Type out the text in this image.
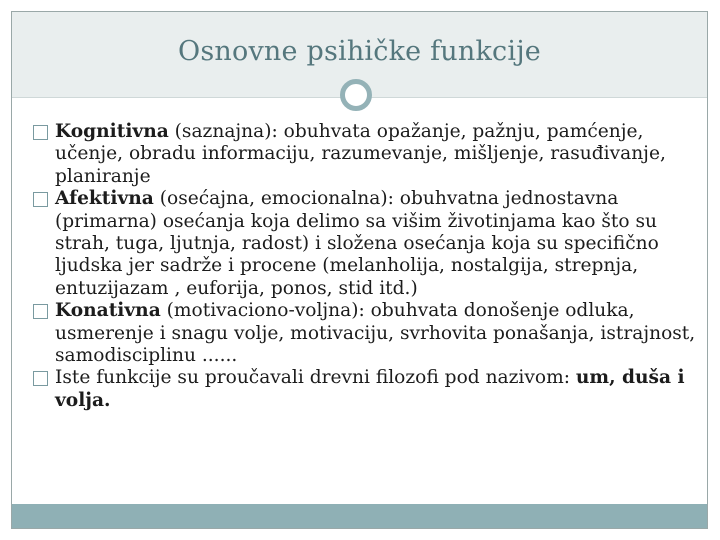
Osnovne psihičke funkcije
Kognitivna (saznajna): obuhvata opažanje, pažnju, pamćenje, učenje, obradu informaciju, razumevanje, mišljenje, rasuđivanje, planiranje
Afektivna (osećajna, emocionalna): obuhvatna jednostavna (primarna) osećanja koja delimo sa višim životinjama kao što su strah, tuga, ljutnja, radost) i složena osećanja koja su specifično ljudska jer sadrže i procene (melanholija, nostalgija, strepnja, entuzijazam , euforija, ponos, stid itd.)
Konativna (motivaciono-voljna): obuhvata donošenje odluka, usmerenje i snagu volje, motivaciju, svrhovita ponašanja, istrajnost, samodisciplinu ......
Iste funkcije su proučavali drevni filozofi pod nazivom: um, duša i volja.
